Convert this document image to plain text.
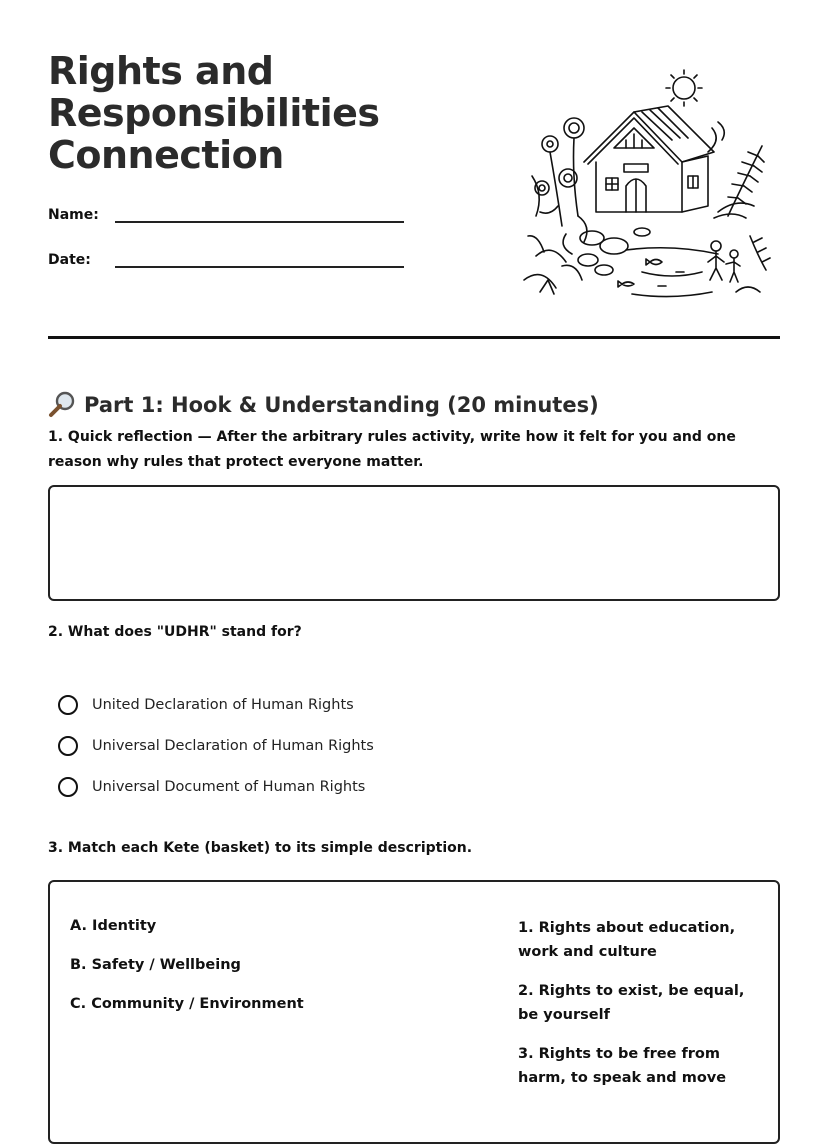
Rights and
Responsibilities
Connection
Name:
Date:
Part 1: Hook & Understanding (20 minutes)
1. Quick reflection — After the arbitrary rules activity, write how it felt for you and one reason why rules that protect everyone matter.
2. What does "UDHR" stand for?
United Declaration of Human Rights
Universal Declaration of Human Rights
Universal Document of Human Rights
3. Match each Kete (basket) to its simple description.
A. Identity
B. Safety / Wellbeing
C. Community / Environment
1. Rights about education, work and culture
2. Rights to exist, be equal, be yourself
3. Rights to be free from harm, to speak and move
